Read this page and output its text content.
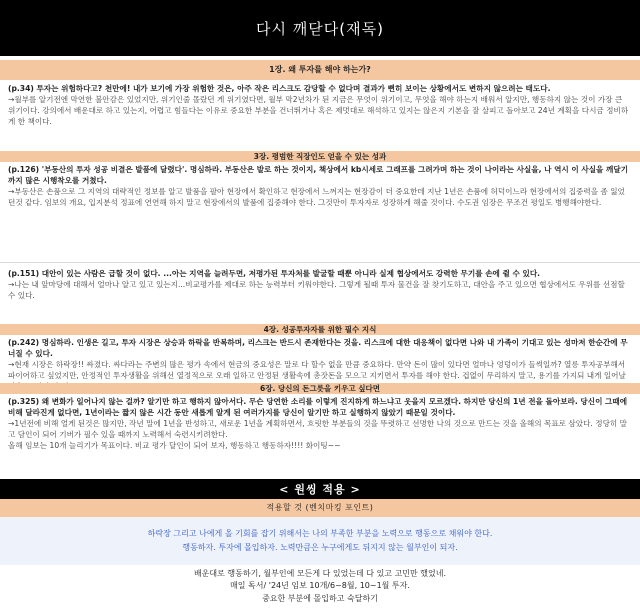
다시 깨닫다(재독)
1장. 왜 투자를 해야 하는가?
(p.34) 투자는 위험하다고? 천만에! 내가 보기에 가장 위험한 것은, 아주 작은 리스크도 감당할 수 없다며 결과가 뻔히 보이는 상황에서도 변하지 않으려는 태도다.
→월부를 알기전엔 막연한 불안감은 있었지만, 위기인줄 몰랐던 게 위기였다면, 월부 막2년차가 된 지금은 무엇이 위기이고, 무엇을 해야 하는지 배워서 알지만, 행동하지 않는 것이 가장 큰 위기이다. 강의에서 배운대로 하고 있는지, 어렵고 힘들다는 이유로 중요한 부분을 건너뛰거나 혹은 제멋대로 해석하고 있지는 않은지 기본을 잘 살피고 돌아보고 24년 계획을 다시금 정비하게 한 책이다.
3장. 평범한 직장인도 얻을 수 있는 성과
(p.126) '부동산의 투자 성공 비결은 발품에 달렸다'. 명심하라. 부동산은 발로 하는 것이지, 책상에서 kb시세로 그래프를 그려가며 하는 것이 나이라는 사실을, 나 역시 이 사실을 깨달기까지 많은 시행착오를 거쳤다.
→부동산은 손품으로 그 지역의 대략적인 정보를 알고 발품을 팔아 현장에서 확인하고 현장에서 느껴지는 현장감이 더 중요한데 지난 1년은 손품에 허덕이느라 현장에서의 집중력을 좀 잃었던것 같다. 임보의 개요, 입지분석 정표에 연연해 하지 말고 현장에서의 발품에 집중해야 한다. 그것만이 투자자로 성장하게 해줄 것이다. 수도권 임장은 무조건 평일도 병행해야한다.
(p.151) 대안이 있는 사람은 급할 것이 없다. ...아는 지역을 늘려두면, 저평가된 투자처를 발굴할 때뿐 아니라 실제 협상에서도 강력한 무기를 손에 쥘 수 있다.
→나는 내 앞마당에 대해서 얼마나 알고 있고 있는지...비교평가를 제대로 하는 능력부터 키워야한다. 그렇게 될때 투자 물건을 잘 찾기도하고, 대안을 주고 있으면 협상에서도 우위를 선점할 수 있다.
4장. 성공투자자를 위한 필수 지식
(p.242) 명심하라. 인생은 길고, 투자 시장은 상승과 하락을 반복하며, 리스크는 반드시 존재한다는 것을. 리스크에 대한 대응책이 없다면 나와 내 가족이 기대고 있는 성마저 한순간에 무너질 수 있다.
→현재 시장은 하락장!! 싸졌다. 싸다라는 주변의 많은 평가 속에서 현금의 중요성은 말로 다 할수 없을 만큼 중요하다. 만약 돈이 많이 있다면 얼마나 엉덩이가 들썩일까? 열릉 투자공부해서 파이어하고 싶었지만, 안정적인 투자생활을 위해선 열정적으로 오래 일하고 안정된 생활속에 총잣돈을 모으고 지키면서 투자를 해야 한다. 겁없이 무리하지 말고, 용기를 가지되 내게 일어날
6장. 당신의 돈그릇을 키우고 싶다면
(p.325) 왜 변화가 일어나지 않는 걸까? 알기만 하고 행하지 않아서다. 무슨 당연한 소리를 이렇게 진지하게 하느냐고 웃을지 모르겠다. 하지만 당신의 1년 전을 돌아보라. 당신이 그때에 비해 달라진게 없다면, 1년이라는 짧지 않은 시간 동안 새롭게 알게 된 여러가지를 당신이 알기만 하고 실행하지 않았기 때문일 것이다.
→1년전에 비해 얼게 된것은 많지만, 작년 말에 1년을 반성하고, 새로운 1년을 계획하면서, 흐릿한 부분들의 것을 뚜렷하고 선명한 나의 것으로 만드는 것을 올해의 목표로 삼았다. 정당히 말고 담인이 되어 기버가 필수 있을 때까지 노력해서 숙련시키려한다.
올해 임보는 10개 늘리기가 목표이다. 비교 평가 달인이 되어 보자, 행동하고 행동하자!!!! 화이팅~~
< 원씽 적용 >
적용할 것 (벤치마킹 포인트)
하락장 그리고 나에게 올 기회를 잡기 위해서는 나의 부족한 부분을 노력으로 행동으로 채워야 한다.
행동하자. 투자에 몰입하자. 노력만큼은 누구에게도 뒤지지 않는 월부인이 되자.
배운대로 행동하기, 월부인에 모든게 다 있었는데 다 있고 고민만 했었네.
매일 독서/ '24년 임보 10개/6~8월, 10~1월 투자.
중요한 부분에 몰입하고 숙달하기
